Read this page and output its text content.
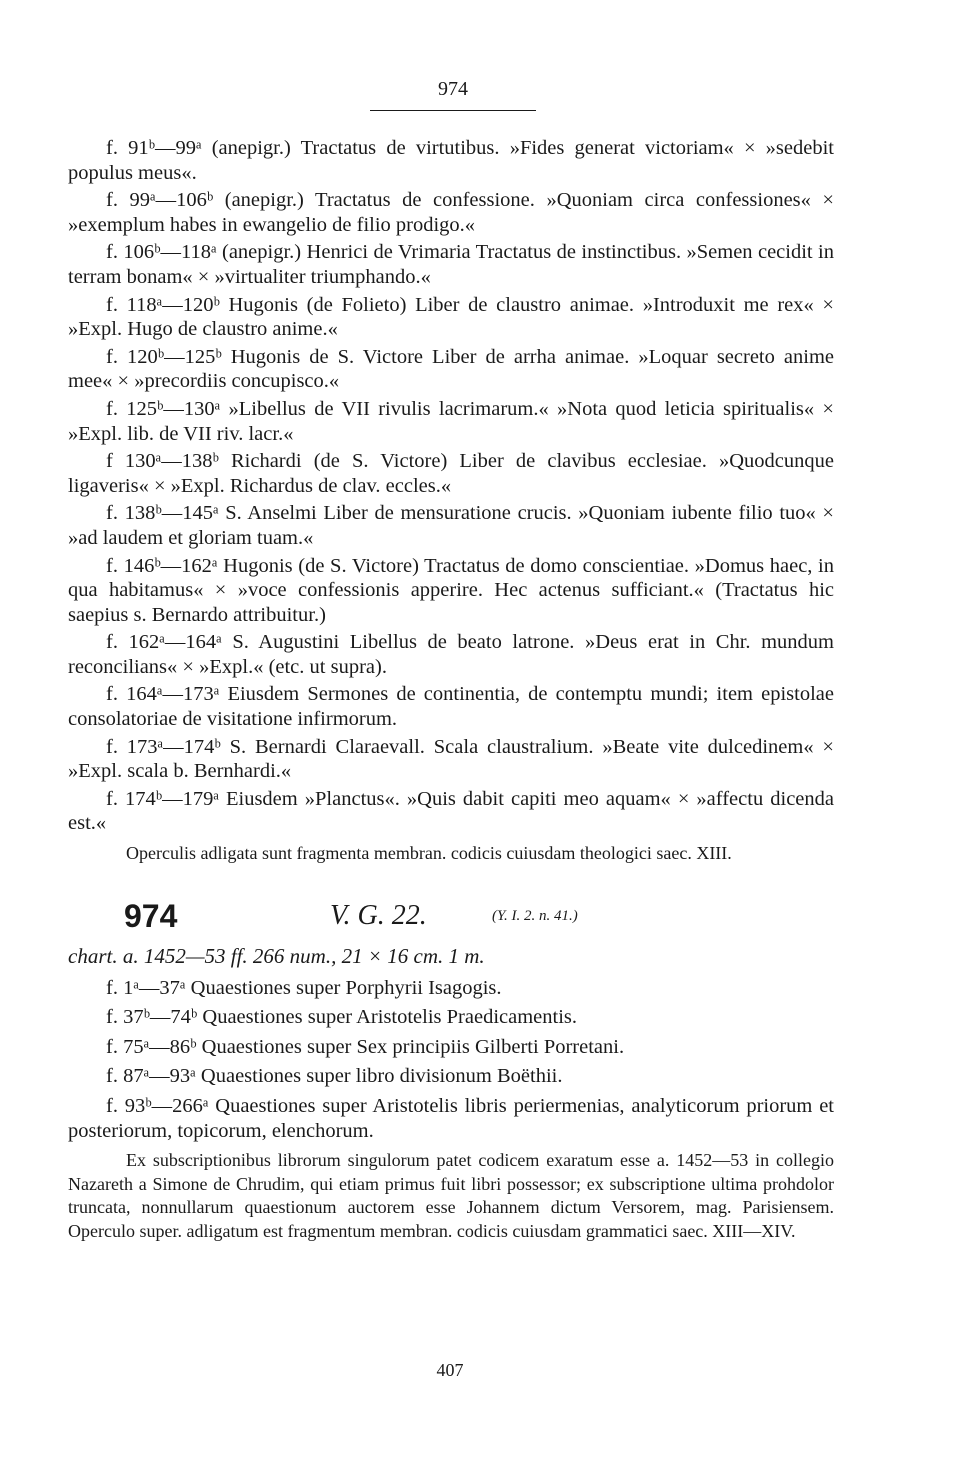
974

f. 91ᵇ—99ᵃ (anepigr.) Tractatus de virtutibus. »Fides generat victoriam« × »sedebit populus meus«.

f. 99ᵃ—106ᵇ (anepigr.) Tractatus de confessione. »Quoniam circa confessiones« × »exemplum habes in ewangelio de filio prodigo.«

f. 106ᵇ—118ᵃ (anepigr.) Henrici de Vrimaria Tractatus de instinctibus. »Semen cecidit in terram bonam« × »virtualiter triumphando.«

f. 118ᵃ—120ᵇ Hugonis (de Folieto) Liber de claustro animae. »Introduxit me rex« × »Expl. Hugo de claustro anime.«

f. 120ᵇ—125ᵇ Hugonis de S. Victore Liber de arrha animae. »Loquar secreto anime mee« × »precordiis concupisco.«

f. 125ᵇ—130ᵃ »Libellus de VII rivulis lacrimarum.« »Nota quod leticia spiritualis« × »Expl. lib. de VII riv. lacr.«

f 130ᵃ—138ᵇ Richardi (de S. Victore) Liber de clavibus ecclesiae. »Quodcunque ligaveris« × »Expl. Richardus de clav. eccles.«

f. 138ᵇ—145ᵃ S. Anselmi Liber de mensuratione crucis. »Quoniam iubente filio tuo« × »ad laudem et gloriam tuam.«

f. 146ᵇ—162ᵃ Hugonis (de S. Victore) Tractatus de domo conscientiae. »Domus haec, in qua habitamus« × »voce confessionis apperire. Hec actenus sufficiant.« (Tractatus hic saepius s. Bernardo attribuitur.)

f. 162ᵃ—164ᵃ S. Augustini Libellus de beato latrone. »Deus erat in Chr. mundum reconcilians« × »Expl.« (etc. ut supra).

f. 164ᵃ—173ᵃ Eiusdem Sermones de continentia, de contemptu mundi; item epistolae consolatoriae de visitatione infirmorum.

f. 173ᵃ—174ᵇ S. Bernardi Claraevall. Scala claustralium. »Beate vite dulcedinem« × »Expl. scala b. Bernhardi.«

f. 174ᵇ—179ᵃ Eiusdem »Planctus«. »Quis dabit capiti meo aquam« × »affectu dicenda est.«

Operculis adligata sunt fragmenta membran. codicis cuiusdam theologici saec. XIII.

974	V. G. 22.	(Y. I. 2. n. 41.)

chart. a. 1452—53 ff. 266 num., 21 × 16 cm. 1 m.

f. 1ᵃ—37ᵃ Quaestiones super Porphyrii Isagogis.

f. 37ᵇ—74ᵇ Quaestiones super Aristotelis Praedicamentis.

f. 75ᵃ—86ᵇ Quaestiones super Sex principiis Gilberti Porretani.

f. 87ᵃ—93ᵃ Quaestiones super libro divisionum Boëthii.

f. 93ᵇ—266ᵃ Quaestiones super Aristotelis libris periermenias, analyticorum priorum et posteriorum, topicorum, elenchorum.

Ex subscriptionibus librorum singulorum patet codicem exaratum esse a. 1452—53 in collegio Nazareth a Simone de Chrudim, qui etiam primus fuit libri possessor; ex subscriptione ultima prohdolor truncata, nonnullarum quaestionum auctorem esse Johannem dictum Versorem, mag. Parisiensem. Operculo super. adligatum est fragmentum membran. codicis cuiusdam grammatici saec. XIII—XIV.

407
